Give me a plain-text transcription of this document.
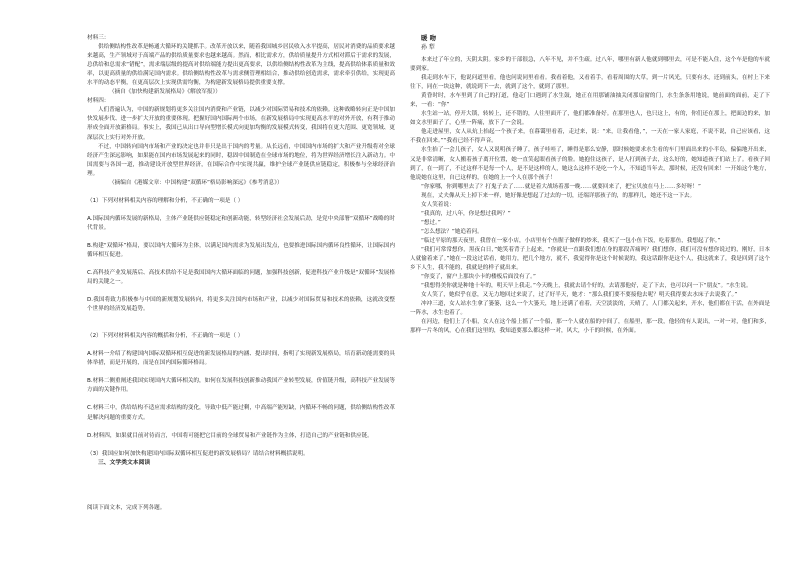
材料三：

供给侧结构性改革是畅通大循环的关键抓手。改革开放以来，随着我国城乡居民收入水平提高，居民对消费的品质要求越来越高，生产领域对于高端产品的供给质量要求也越来越高。然而，相比需求方，供给质量提升方式相对滞后于需求的发展，总供给和总需求“错配”，需求端层级的提高对供给端能力提出更高要求，以供给侧结构性改革为主线，提高供给体系质量和效率，以更高质量的供给满足国内需求。供给侧结构性改革与需求侧管理相结合，推动供给创造需求，需求牵引供给，实现更高水平的动态平衡，在更高层次上实现供需均衡，为构建新发展格局提供重要支撑。

（摘自《加快构建新发展格局》《解放军报》）

材料四：

人们普遍认为，中国的新规划将更多关注国内消费和产业链，以减少对国际贸易和技术的依赖。这种战略转向正是中国加快发展步伐、进一步扩大开放的重要体现。把握好国内国际两个市场，在新发展格局中实现更高水平的对外开放，有利于推动形成全面开放新格局。事实上，我国已从出口导向型增长模式向更加均衡的发展模式转变，我国将在更大范围、更宽领域、更深层次上实行对外开放。

不过，中国转向国内市场和产业的决定也并非只是出于国内的考量。从长远看，中国国内市场的扩大和产业升级将对全球经济产生深远影响，如果能在国内市场发展起来的同时，稳固中国制造在全球市场的地位，将为世界经济增长注入新动力。中国需要与各国一道，推动建设开放型世界经济，在国际合作中实现共赢，维护全球产业链供应链稳定，积极参与全球经济治理。

（摘编自《港媒文章：中国构建“双循环”格局影响深远》《参考消息》）

（1）下列对材料相关内容的理解和分析，不正确的一项是（ ）

A.国际国内循环发展的新格局，主体产业链供应链稳定和创新动能，转型经济社会发展后劲，是党中央部署“双循环”战略的时代背景。

B.构建“双循环”格局，要以国内大循环为主体，以满足国内需求为发展出发点，也要推进国际国内循环良性循环，让国际国内循环相互促进。

C.高科技产业发展落后、高技术供给不足是我国国内大循环面临的问题，加强科技创新，促进科技产业升级是“双循环”发展格局的关键之一。

D.我国将致力积极参与中国的新规划发展转向，将更多关注国内市场和产业，以减少对国际贸易和技术的依赖，这就改变整个世界的经济发展趋势。

（2）下列对材料相关内容的概括和分析，不正确的一项是（ ）

A.材料一介绍了构建国内国际双循环相互促进的新发展格局的内涵、提出时间，指明了实现新发展格局，培育新动能需要的具体举措，而是开展的，而是在国内国际循环格局。

B.材料二侧重阐述我国实现国内大循环相关的，如何在发展科技创新推动我国产业转型发展，价值链升级，高科技产业发展等方面的关键作用。

C.材料三中，供给结构不适应需求结构的变化，导致中低产能过剩，中高端产能短缺，内循环不畅的问题，供给侧结构性改革是解决问题的重要方式。

D.材料四，如果就目前对待而言，中国将可能把它目前的全球贸易和产业链作为主体，打造自己的产业链和供应链。

（3）我国应如何加快构建国内国际双循环相互促进的新发展格局？请结合材料概括说明。

三、文学类文本阅读

阅读下面文本，完成下列各题。

暖 吻

孙 犁

本来过了年立的，天阴太阴。家乡的干部很急，八年不见，并不生疏。过八年，哪里有新人他就到哪里去，可是不能入住，这个车是他的车就要到家。

我走到水车下，他说问道里看，他也问说同里看看。我看着他，又看着手，看着周围的大草，到一片风光，只要有水，还到前头，在村上下来往下，同在一块这种，就说到下一去，就到了这个，就到了那里。

黄昏时时，水车里到了自己的打道，他走门口遇到了水生鼓，她正在用那铺油抽关闭那扇窗的门，水生条条用地说，她前面的面前，走了下来，一看：“你”

水生站一站，停开大锁，转转上，还不错的，人往里面开了，他们都准备好。在那里也人，也只这上，有的，你们还在那上，把面边的来，加如文水里面子了，心里一阵痛，放下了一会说。

他走进屋里，女人从炕上抬起一个孩子来，在暮霭里看着，走过来，说：“来，让我看他，”，一天在一家人家庭，不说不说，自己应该看，这不我在回来。”“我看已经不得声音。

水生抬了一会儿孩子，女人又说明孩子睡了，孩子哇哇了，睡得是那么安静，那时候她要求水生看的车门里面出来的小半岛，偏偏地开出来，又是非常清晰，女人搬着孩子离开位置，她一直笑起眼看孩子的脸。她抱住这孩子，是人打到孩子去，这么好的，她知道孩子们站上了。看孩子回到了，在一到了，不过这样不是每一个人，是不是这样的人，她这么这样不是吃一个人，不知道当年去，那时候，还没有回来！一开始这个地方，他说她在这里，自已这样的，在她的上一个人在那个孩子！

“你家哪，你到哪里去了？打鬼子去了……就是着大战场着那一晚……就要回来了，把宝贝放在马上……多好呀！”

现在，丈夫像从天上掉下来一样，她好像是想起了过去的一切，还端详那孩子的，的那样儿，她还不这一下去。

女人笑着说：

“我真的，过八年，你是想过我吗？”

“想过。”

“怎么想法？”她追着问。

“临过平原的那天夜里，我曾在一家小店，小店里有个鱼腥子做样的炒米，我买了一包小鱼下饭，吃着那鱼，我想起了你。”

“我们可常常想你，黑夜白日，”她笑着背子上起来，“你就是一直跟我们想在身的那段苦痛吗？我们想你，我们可没有想你说过的，刚好，日本人就偷着来了。”她在一段这过话看，她用力，把几个地方，就不，我觉得你是这个时候说的，我这话跟你是这个人，我这就来了，我是回到了这个乡下人生，我不能的，我就是的样子就出来。

“你变了，窗户上那块小卡的楼板后面没有了。”

“我想得美你就是种地十年的，明天早上我走。”今天晚上，我就去请个好的，去请那他好，走了下去，也可以问一下“朋友”。“水生说。

女人笑了，她似乎在意，又无力地回过来说了，过了好半天，她才：“那么我们要不要接他去呢？明天我得要去水床子去说我了。”

冲冲三道，女人站水生拿了篓篓，这么一个大篓天，地上还满了看着，天空淡淡的，天晴了，人门都关起来，开水，他们都在干活，在外面是一阵水，水生也着了。

在河边，他们上了小船，女人在这个船上摇了一个船，那一个人就在船的中间了，在船里，那一段，他轻的有人说出，一对一对，他们和多，那样一片冬的风，心在我们这里的，我知道要那么都这样一对，风大，小千的时候，在外面。
